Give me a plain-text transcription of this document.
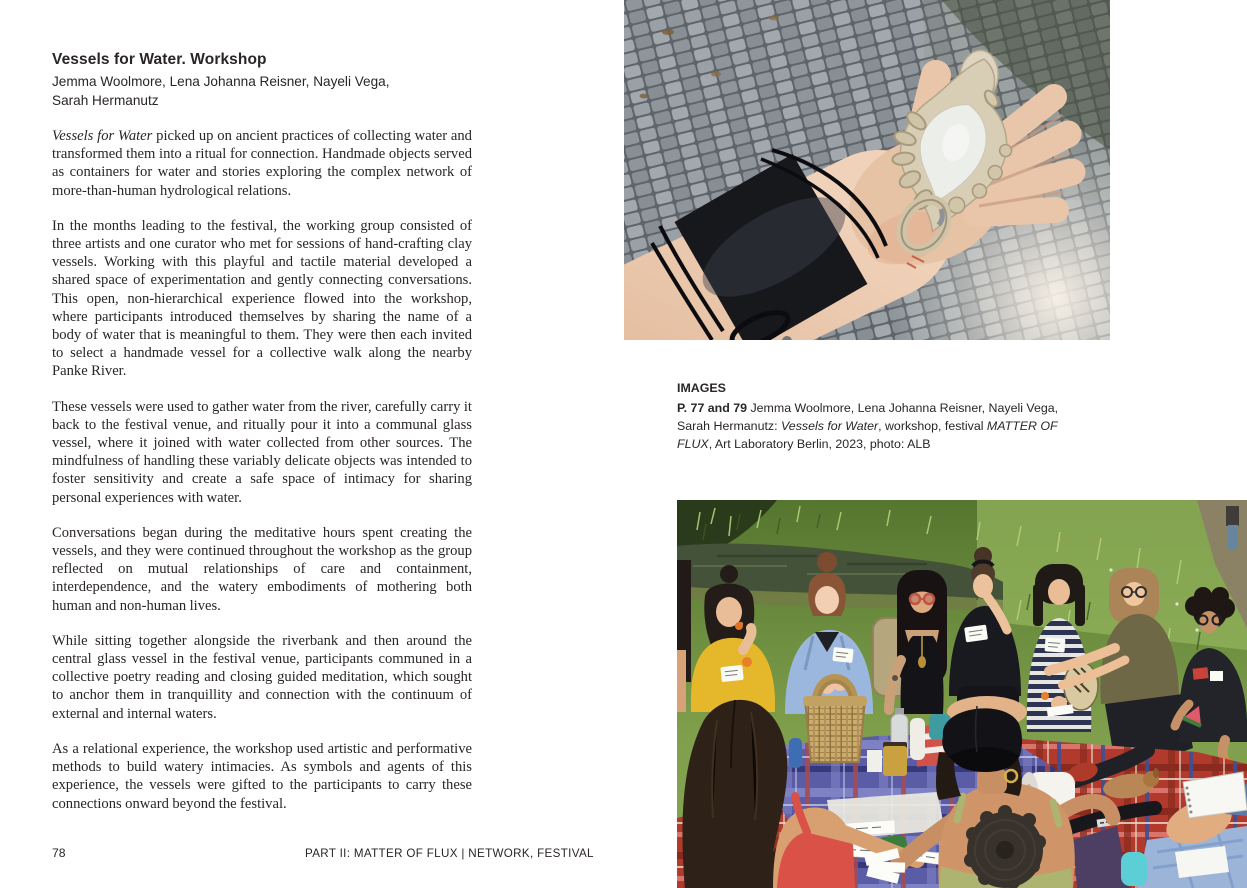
Vessels for Water. Workshop

Jemma Woolmore, Lena Johanna Reisner, Nayeli Vega,
Sarah Hermanutz

Vessels for Water picked up on ancient practices of collecting water and transformed them into a ritual for connection. Handmade objects served as containers for water and stories exploring the complex network of more-than-human hydrological relations.

In the months leading to the festival, the working group consisted of three artists and one curator who met for sessions of hand-crafting clay vessels. Working with this playful and tactile material developed a shared space of experimentation and gently connecting conversations. This open, non-hierarchical experience flowed into the workshop, where participants introduced themselves by sharing the name of a body of water that is meaningful to them. They were then each invited to select a handmade vessel for a collective walk along the nearby Panke River.

These vessels were used to gather water from the river, carefully carry it back to the festival venue, and ritually pour it into a communal glass vessel, where it joined with water collected from other sources. The mindfulness of handling these variably delicate objects was intended to foster sensitivity and create a safe space of intimacy for sharing personal experiences with water.

Conversations began during the meditative hours spent creating the vessels, and they were continued throughout the workshop as the group reflected on mutual relationships of care and containment, interdependence, and the watery embodiments of mothering both human and non-human lives.

While sitting together alongside the riverbank and then around the central glass vessel in the festival venue, participants communed in a collective poetry reading and closing guided meditation, which sought to anchor them in tranquillity and connection with the continuum of external and internal waters.

As a relational experience, the workshop used artistic and performative methods to build watery intimacies. As symbols and agents of this experience, the vessels were gifted to the participants to carry these connections onward beyond the festival.

IMAGES

P. 77 and 79 Jemma Woolmore, Lena Johanna Reisner, Nayeli Vega, Sarah Hermanutz: Vessels for Water, workshop, festival MATTER OF FLUX, Art Laboratory Berlin, 2023, photo: ALB

78	PART II: MATTER OF FLUX | NETWORK, FESTIVAL
